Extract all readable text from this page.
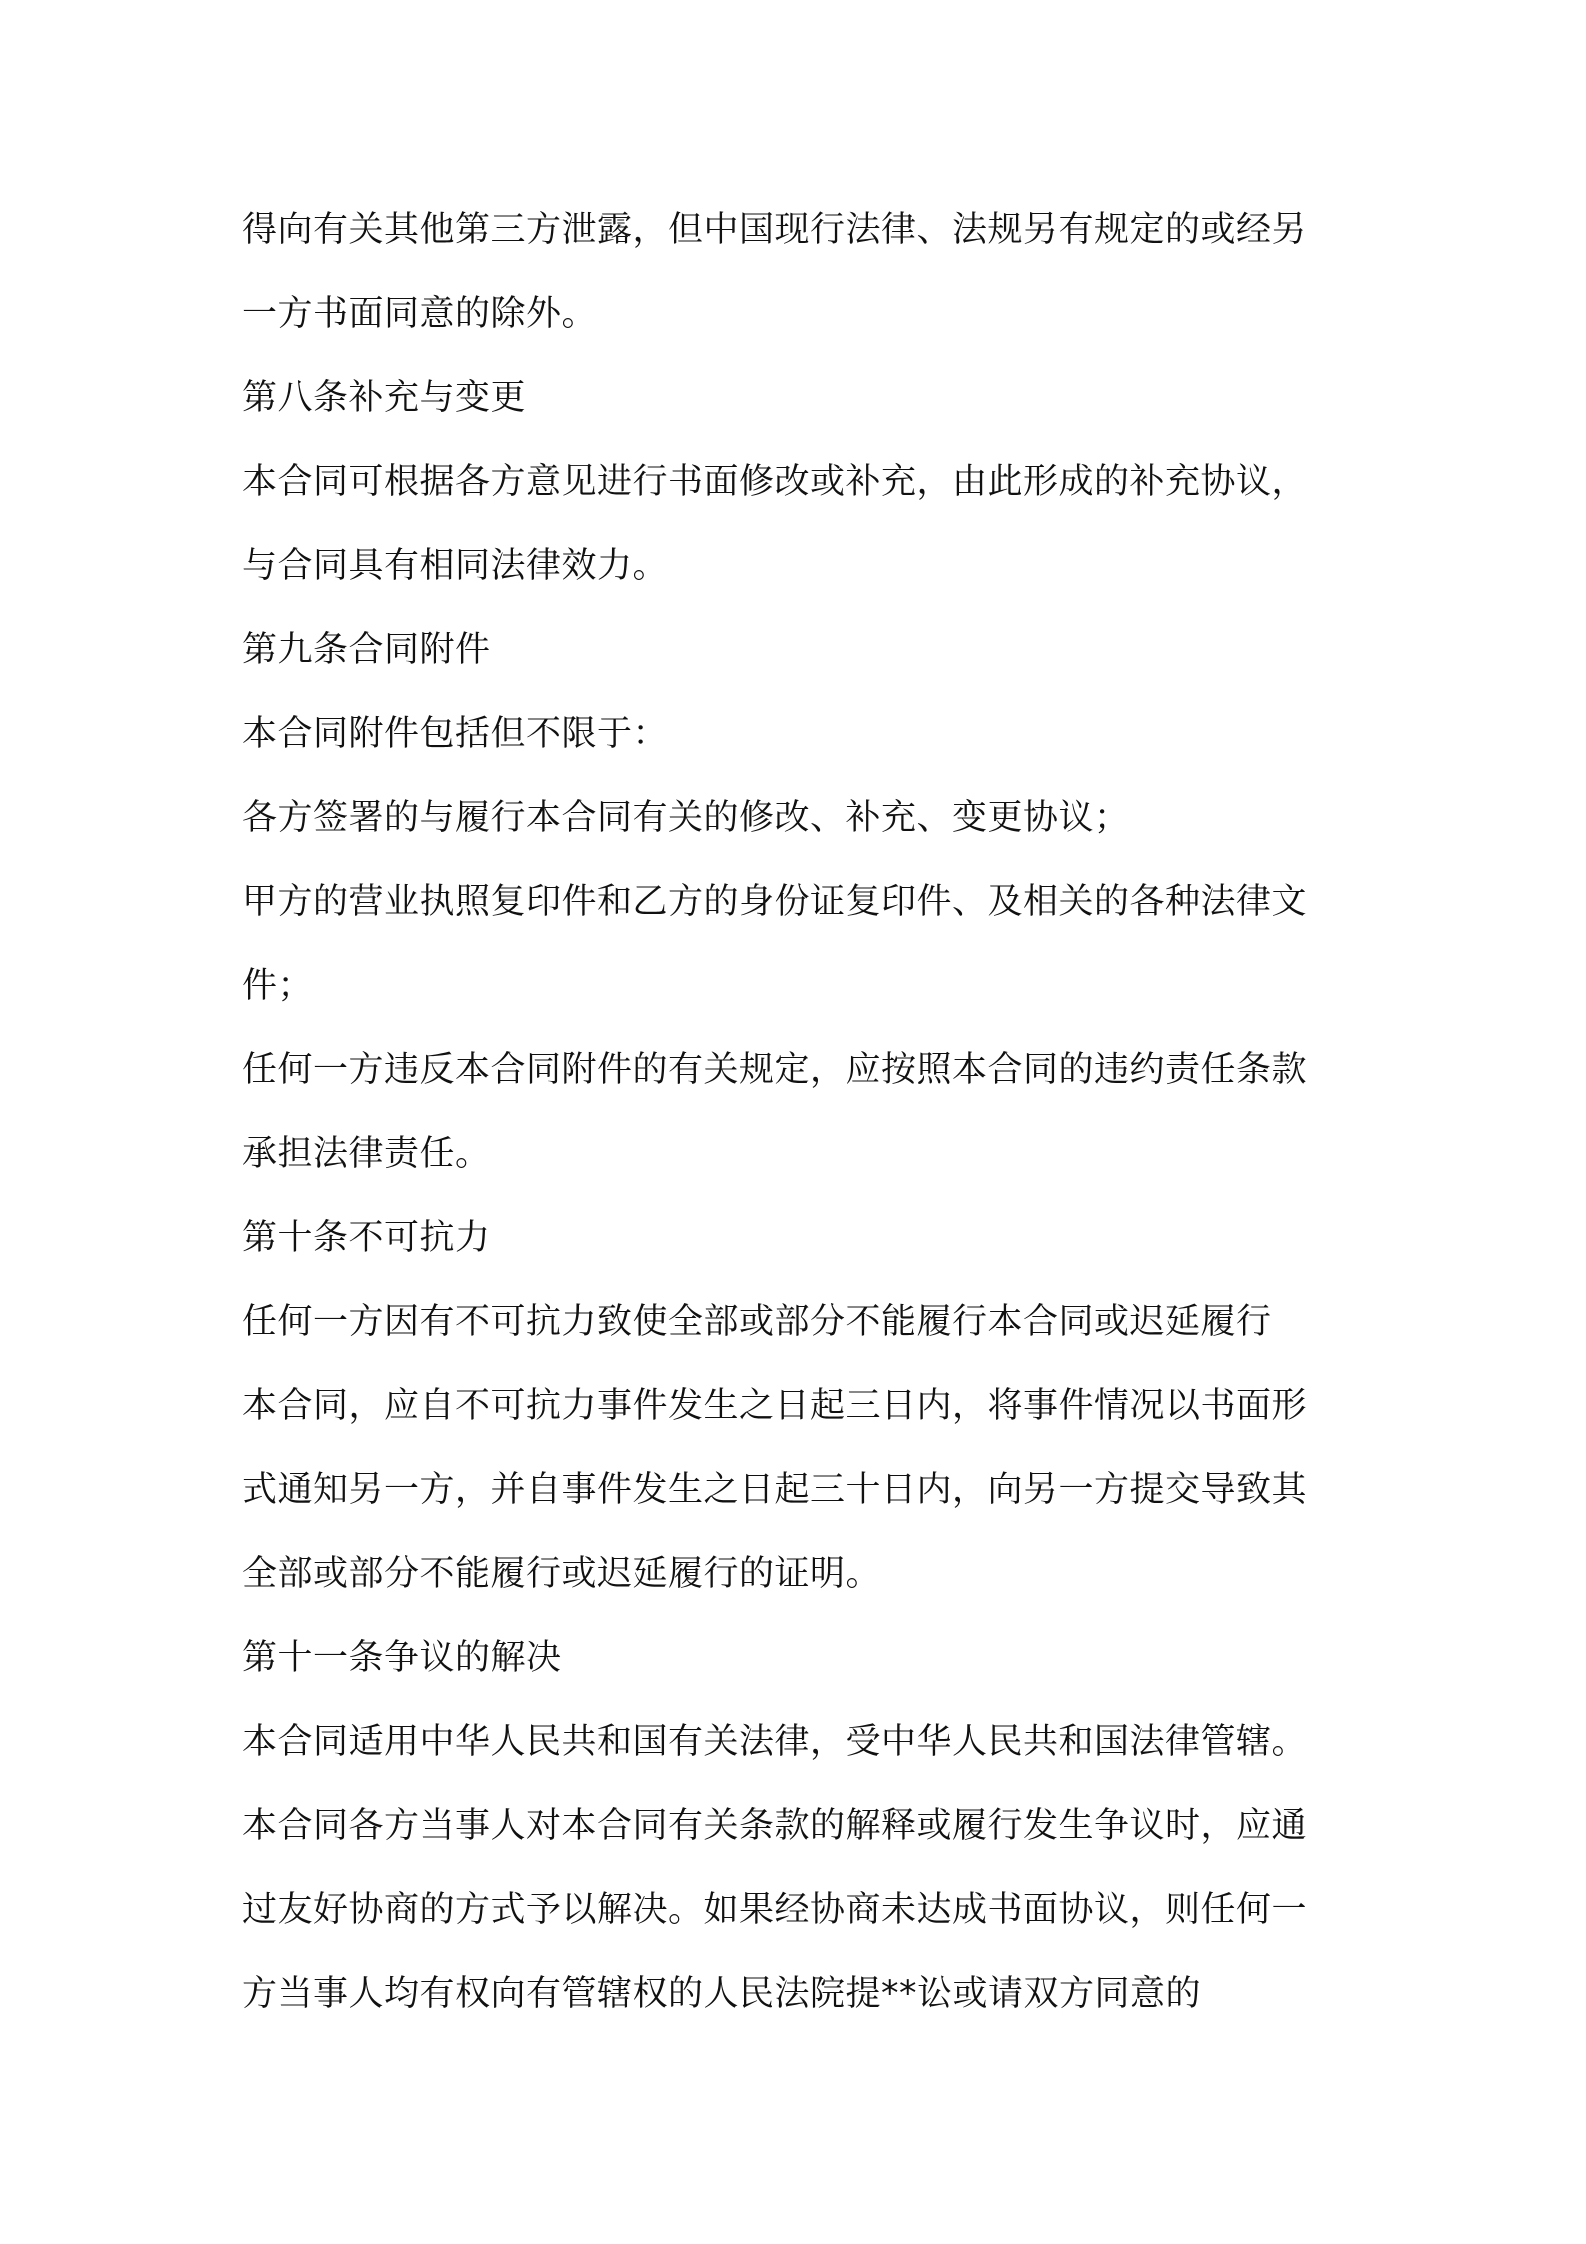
得向有关其他第三方泄露，但中国现行法律、法规另有规定的或经另
一方书面同意的除外。
第八条补充与变更
本合同可根据各方意见进行书面修改或补充，由此形成的补充协议，
与合同具有相同法律效力。
第九条合同附件
本合同附件包括但不限于：
各方签署的与履行本合同有关的修改、补充、变更协议；
甲方的营业执照复印件和乙方的身份证复印件、及相关的各种法律文
件；
任何一方违反本合同附件的有关规定，应按照本合同的违约责任条款
承担法律责任。
第十条不可抗力
任何一方因有不可抗力致使全部或部分不能履行本合同或迟延履行
本合同，应自不可抗力事件发生之日起三日内，将事件情况以书面形
式通知另一方，并自事件发生之日起三十日内，向另一方提交导致其
全部或部分不能履行或迟延履行的证明。
第十一条争议的解决
本合同适用中华人民共和国有关法律，受中华人民共和国法律管辖。
本合同各方当事人对本合同有关条款的解释或履行发生争议时，应通
过友好协商的方式予以解决。如果经协商未达成书面协议，则任何一
方当事人均有权向有管辖权的人民法院提**讼或请双方同意的
